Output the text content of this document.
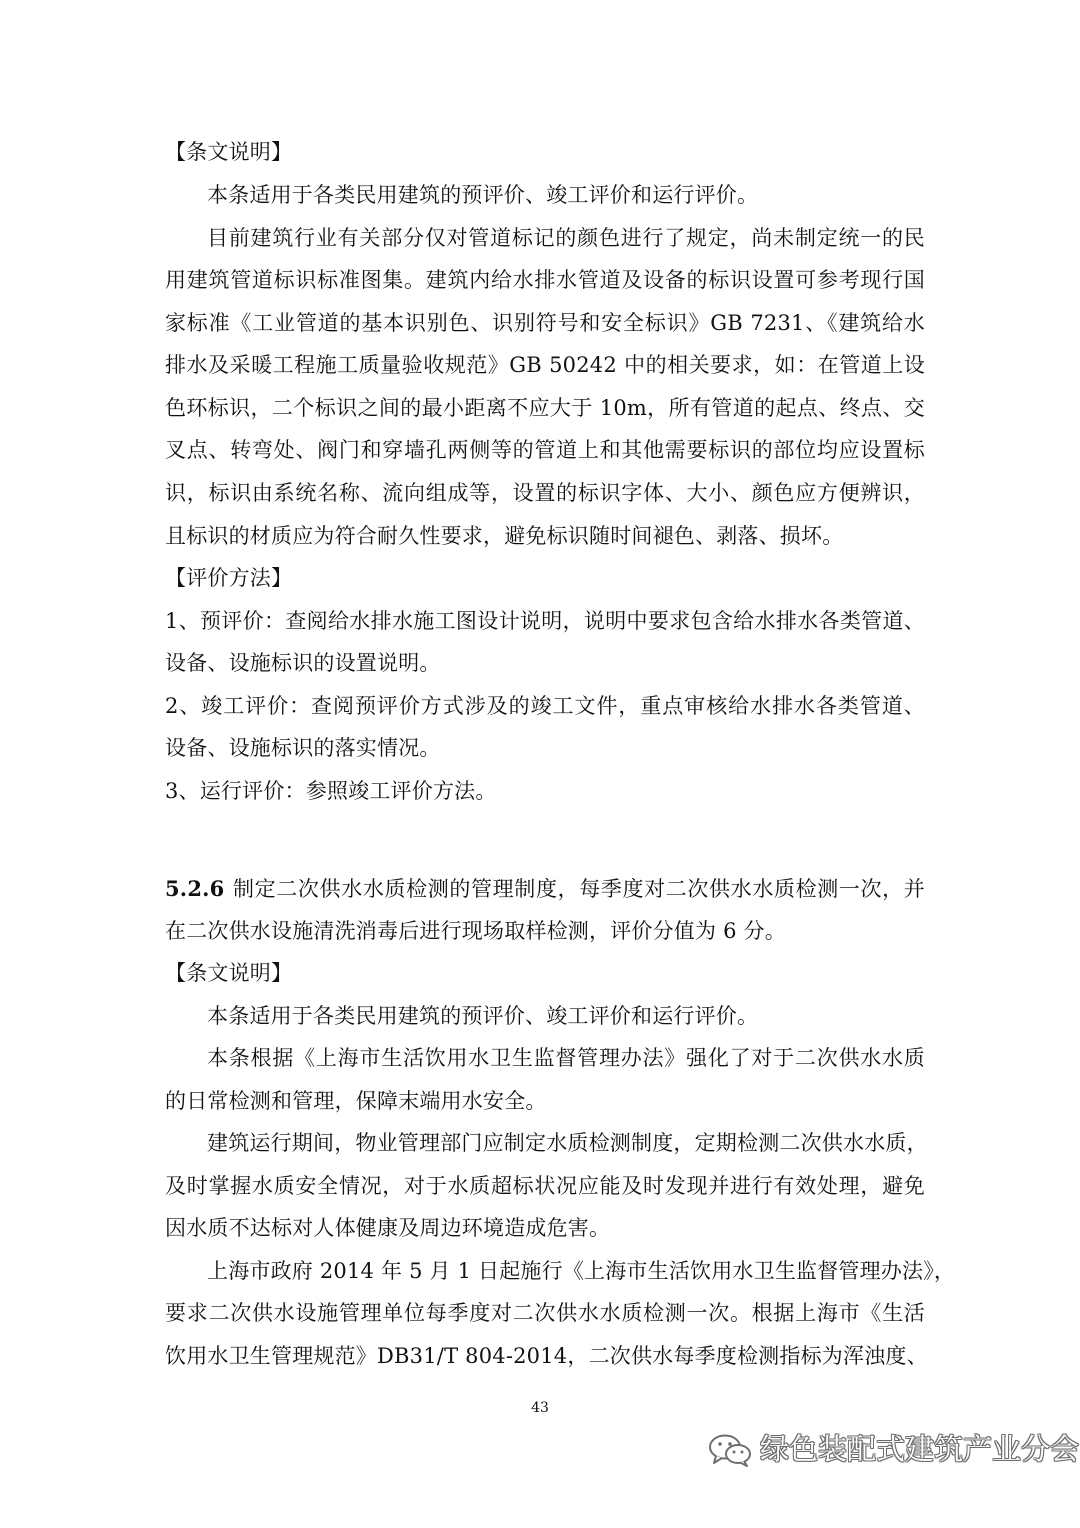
【条文说明】
本条适用于各类民用建筑的预评价、竣工评价和运行评价。
目前建筑行业有关部分仅对管道标记的颜色进行了规定，尚未制定统一的民
用建筑管道标识标准图集。建筑内给水排水管道及设备的标识设置可参考现行国
家标准《工业管道的基本识别色、识别符号和安全标识》GB 7231、《建筑给水
排水及采暖工程施工质量验收规范》GB 50242 中的相关要求，如：在管道上设
色环标识，二个标识之间的最小距离不应大于 10m，所有管道的起点、终点、交
叉点、转弯处、阀门和穿墙孔两侧等的管道上和其他需要标识的部位均应设置标
识，标识由系统名称、流向组成等，设置的标识字体、大小、颜色应方便辨识，
且标识的材质应为符合耐久性要求，避免标识随时间褪色、剥落、损坏。
【评价方法】
1、预评价：查阅给水排水施工图设计说明，说明中要求包含给水排水各类管道、
设备、设施标识的设置说明。
2、竣工评价：查阅预评价方式涉及的竣工文件，重点审核给水排水各类管道、
设备、设施标识的落实情况。
3、运行评价：参照竣工评价方法。
5.2.6 制定二次供水水质检测的管理制度，每季度对二次供水水质检测一次，并
在二次供水设施清洗消毒后进行现场取样检测，评价分值为 6 分。
【条文说明】
本条适用于各类民用建筑的预评价、竣工评价和运行评价。
本条根据《上海市生活饮用水卫生监督管理办法》强化了对于二次供水水质
的日常检测和管理，保障末端用水安全。
建筑运行期间，物业管理部门应制定水质检测制度，定期检测二次供水水质，
及时掌握水质安全情况，对于水质超标状况应能及时发现并进行有效处理，避免
因水质不达标对人体健康及周边环境造成危害。
上海市政府 2014 年 5 月 1 日起施行《上海市生活饮用水卫生监督管理办法》，
要求二次供水设施管理单位每季度对二次供水水质检测一次。根据上海市《生活
饮用水卫生管理规范》DB31/T 804-2014，二次供水每季度检测指标为浑浊度、
43
绿色装配式建筑产业分会
